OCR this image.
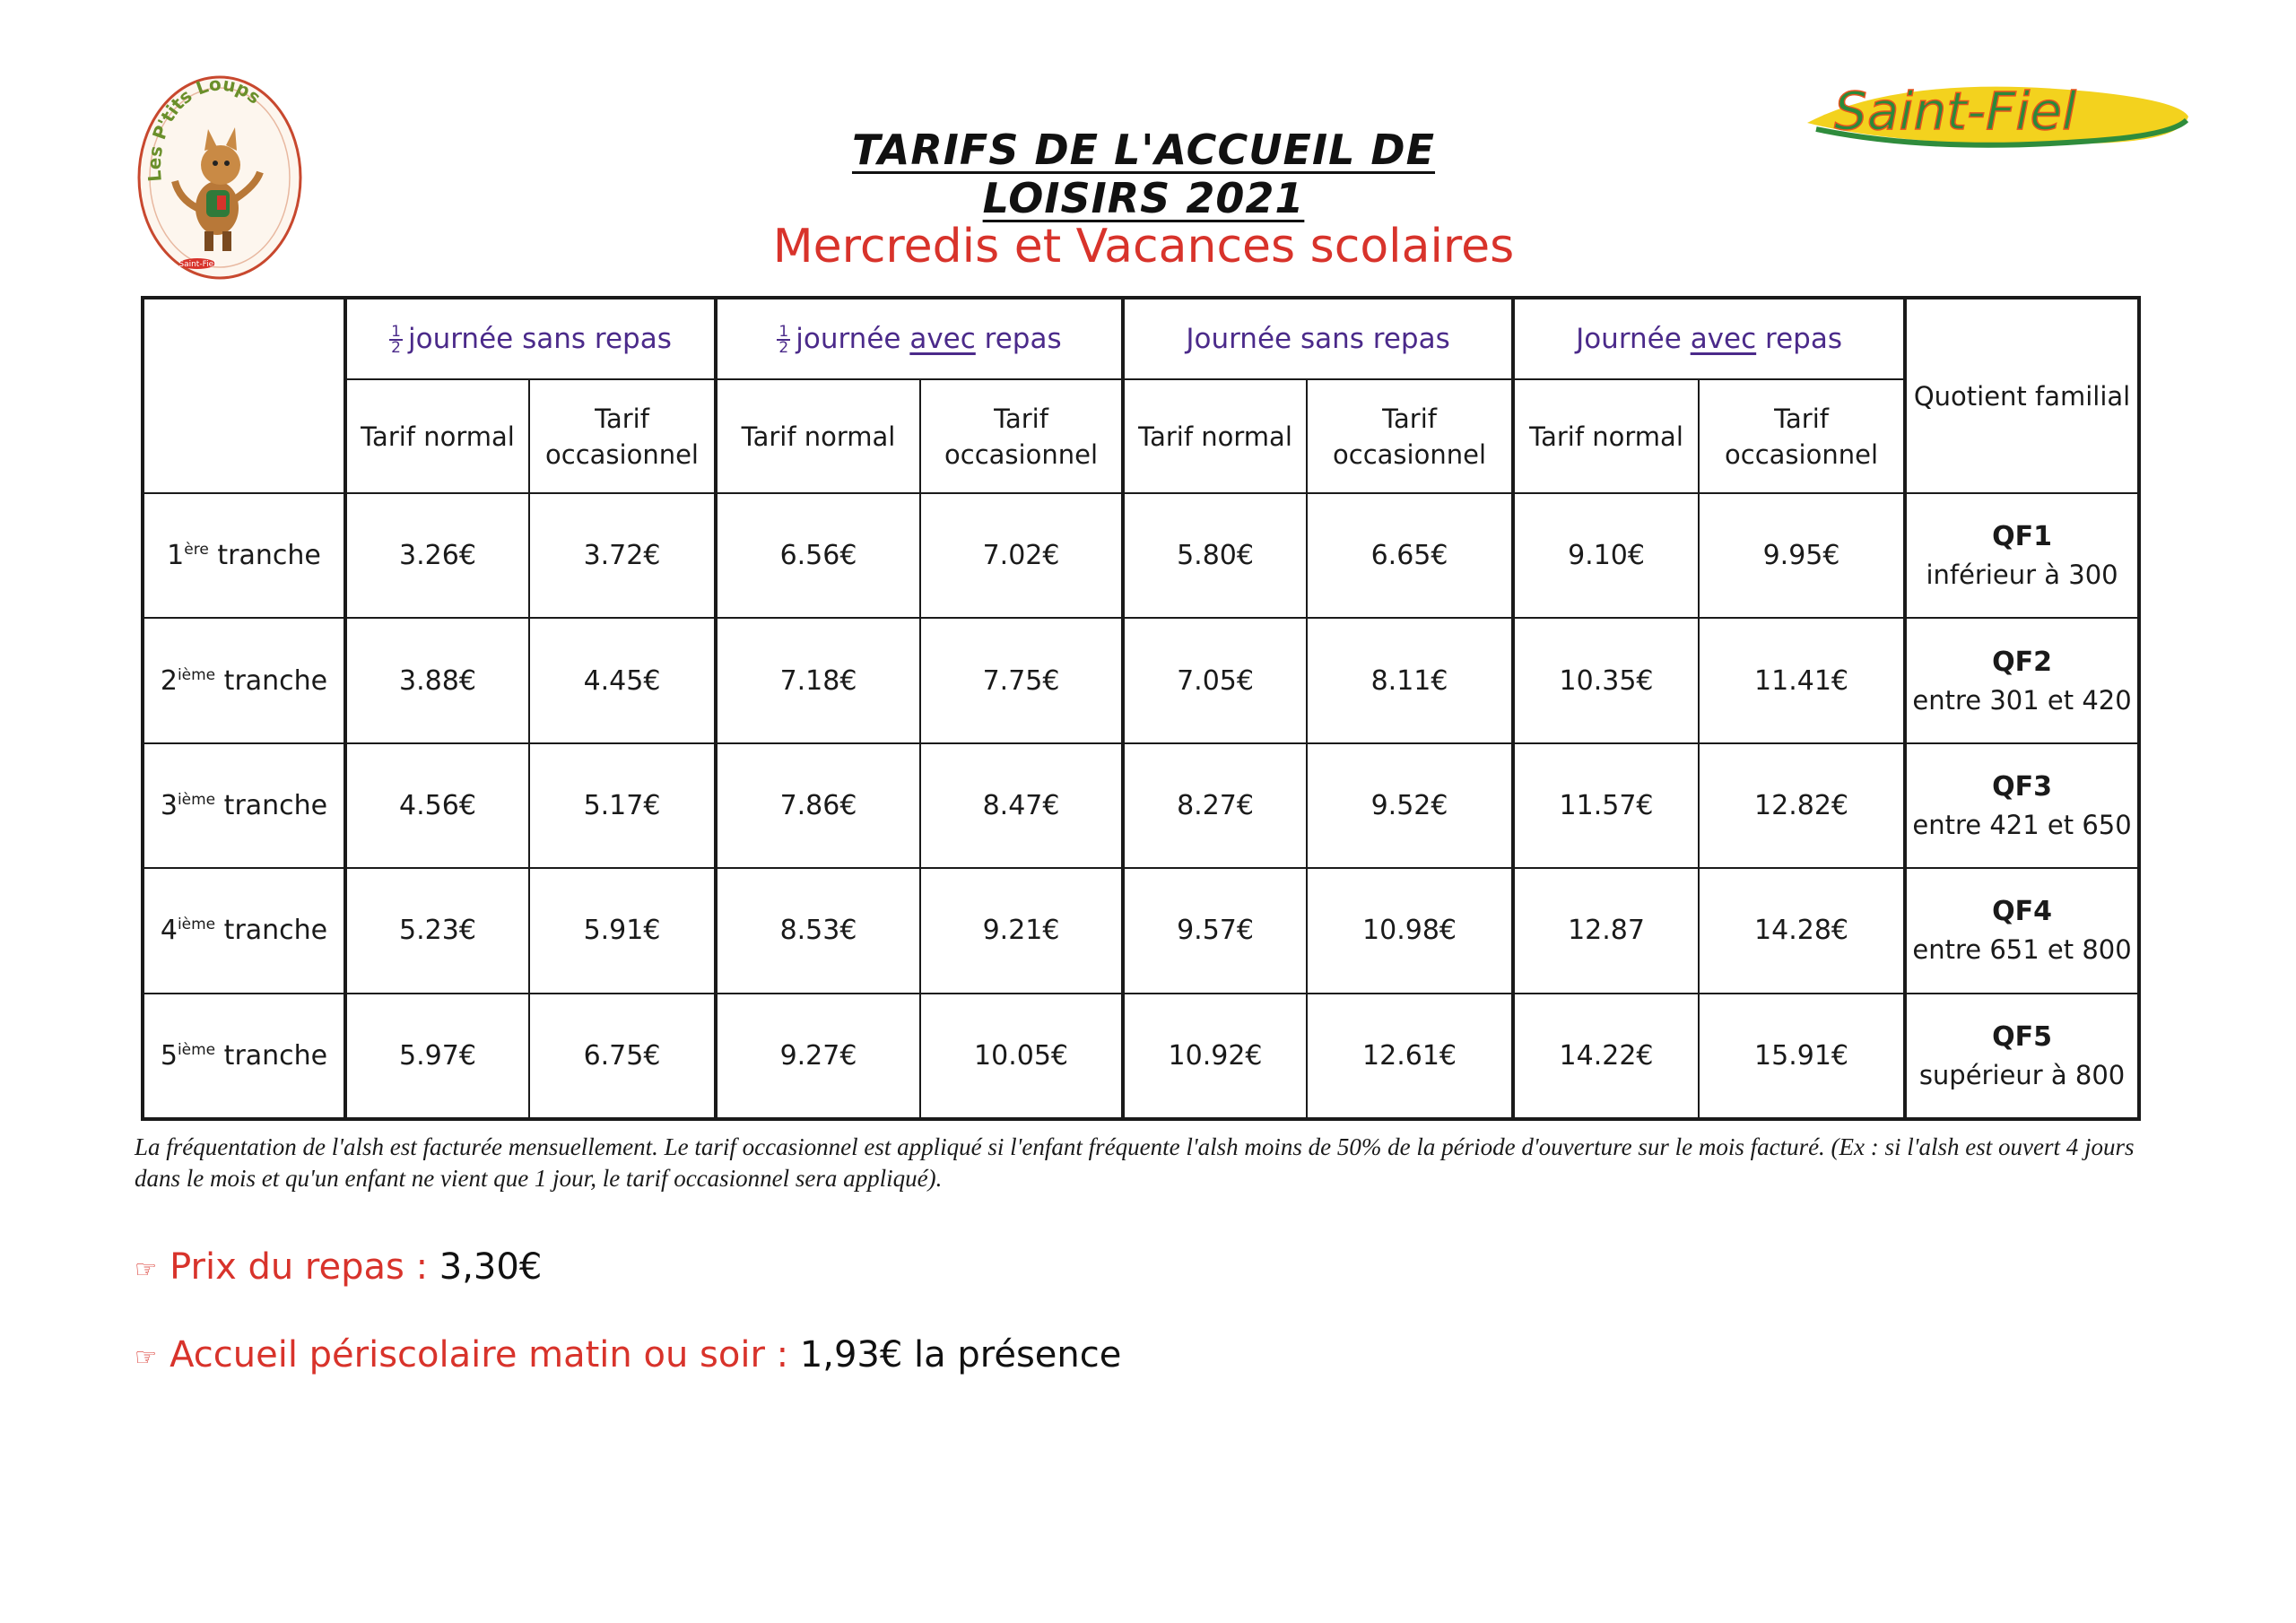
Les P'tits Loups
Saint-Fiel
Saint-Fiel
TARIFS DE L'ACCUEIL DE LOISIRS 2021
Mercredis et Vacances scolaires

	$\frac{1}{2}$ journée sans repas		$\frac{1}{2}$ journée avec repas		Journée sans repas		Journée avec repas		Quotient familial
	Tarif normal	Tarif
occasionnel	Tarif normal	Tarif
occasionnel	Tarif normal	Tarif
occasionnel	Tarif normal	Tarif
occasionnel	
1ère tranche	3.26€	3.72€	6.56€	7.02€	5.80€	6.65€	9.10€	9.95€	QF1
inférieur à 300
2ième tranche	3.88€	4.45€	7.18€	7.75€	7.05€	8.11€	10.35€	11.41€	QF2
entre 301 et 420
3ième tranche	4.56€	5.17€	7.86€	8.47€	8.27€	9.52€	11.57€	12.82€	QF3
entre 421 et 650
4ième tranche	5.23€	5.91€	8.53€	9.21€	9.57€	10.98€	12.87	14.28€	QF4
entre 651 et 800
5ième tranche	5.97€	6.75€	9.27€	10.05€	10.92€	12.61€	14.22€	15.91€	QF5
supérieur à 800
La fréquentation de l'alsh est facturée mensuellement. Le tarif occasionnel est appliqué si l'enfant fréquente l'alsh moins de 50% de la période d'ouverture sur le mois facturé. (Ex : si l'alsh est ouvert 4 jours dans le mois et qu'un enfant ne vient que 1 jour, le tarif occasionnel sera appliqué).
☞ Prix du repas : 3,30€
☞ Accueil périscolaire matin ou soir : 1,93€ la présence
